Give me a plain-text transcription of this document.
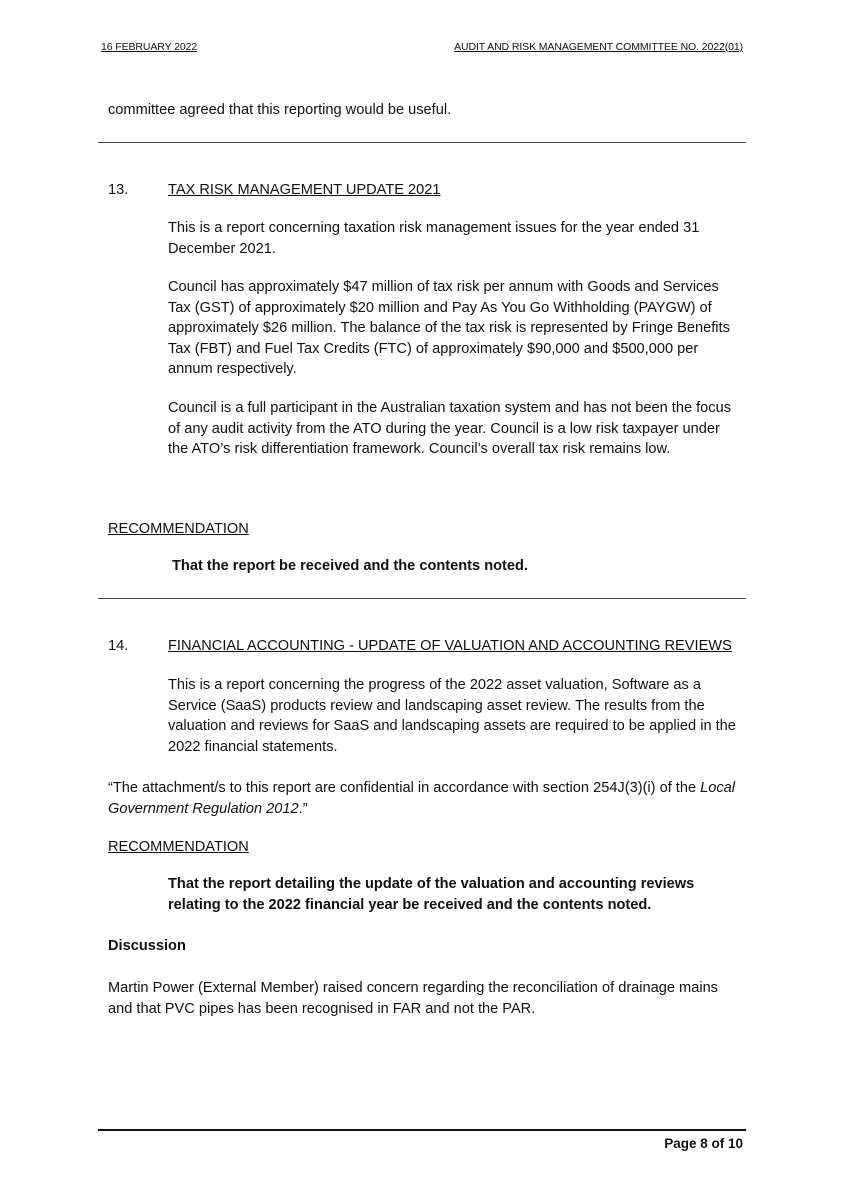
16 FEBRUARY 2022	AUDIT AND RISK MANAGEMENT COMMITTEE NO. 2022(01)

committee agreed that this reporting would be useful.

13.	TAX RISK MANAGEMENT UPDATE 2021

This is a report concerning taxation risk management issues for the year ended 31 December 2021.

Council has approximately $47 million of tax risk per annum with Goods and Services Tax (GST) of approximately $20 million and Pay As You Go Withholding (PAYGW) of approximately $26 million. The balance of the tax risk is represented by Fringe Benefits Tax (FBT) and Fuel Tax Credits (FTC) of approximately $90,000 and $500,000 per annum respectively.

Council is a full participant in the Australian taxation system and has not been the focus of any audit activity from the ATO during the year. Council is a low risk taxpayer under the ATO’s risk differentiation framework. Council’s overall tax risk remains low.

RECOMMENDATION

That the report be received and the contents noted.

14.	FINANCIAL ACCOUNTING - UPDATE OF VALUATION AND ACCOUNTING REVIEWS

This is a report concerning the progress of the 2022 asset valuation, Software as a Service (SaaS) products review and landscaping asset review. The results from the valuation and reviews for SaaS and landscaping assets are required to be applied in the 2022 financial statements.

“The attachment/s to this report are confidential in accordance with section 254J(3)(i) of the Local Government Regulation 2012.”

RECOMMENDATION

That the report detailing the update of the valuation and accounting reviews relating to the 2022 financial year be received and the contents noted.

Discussion

Martin Power (External Member) raised concern regarding the reconciliation of drainage mains and that PVC pipes has been recognised in FAR and not the PAR.

Page 8 of 10
